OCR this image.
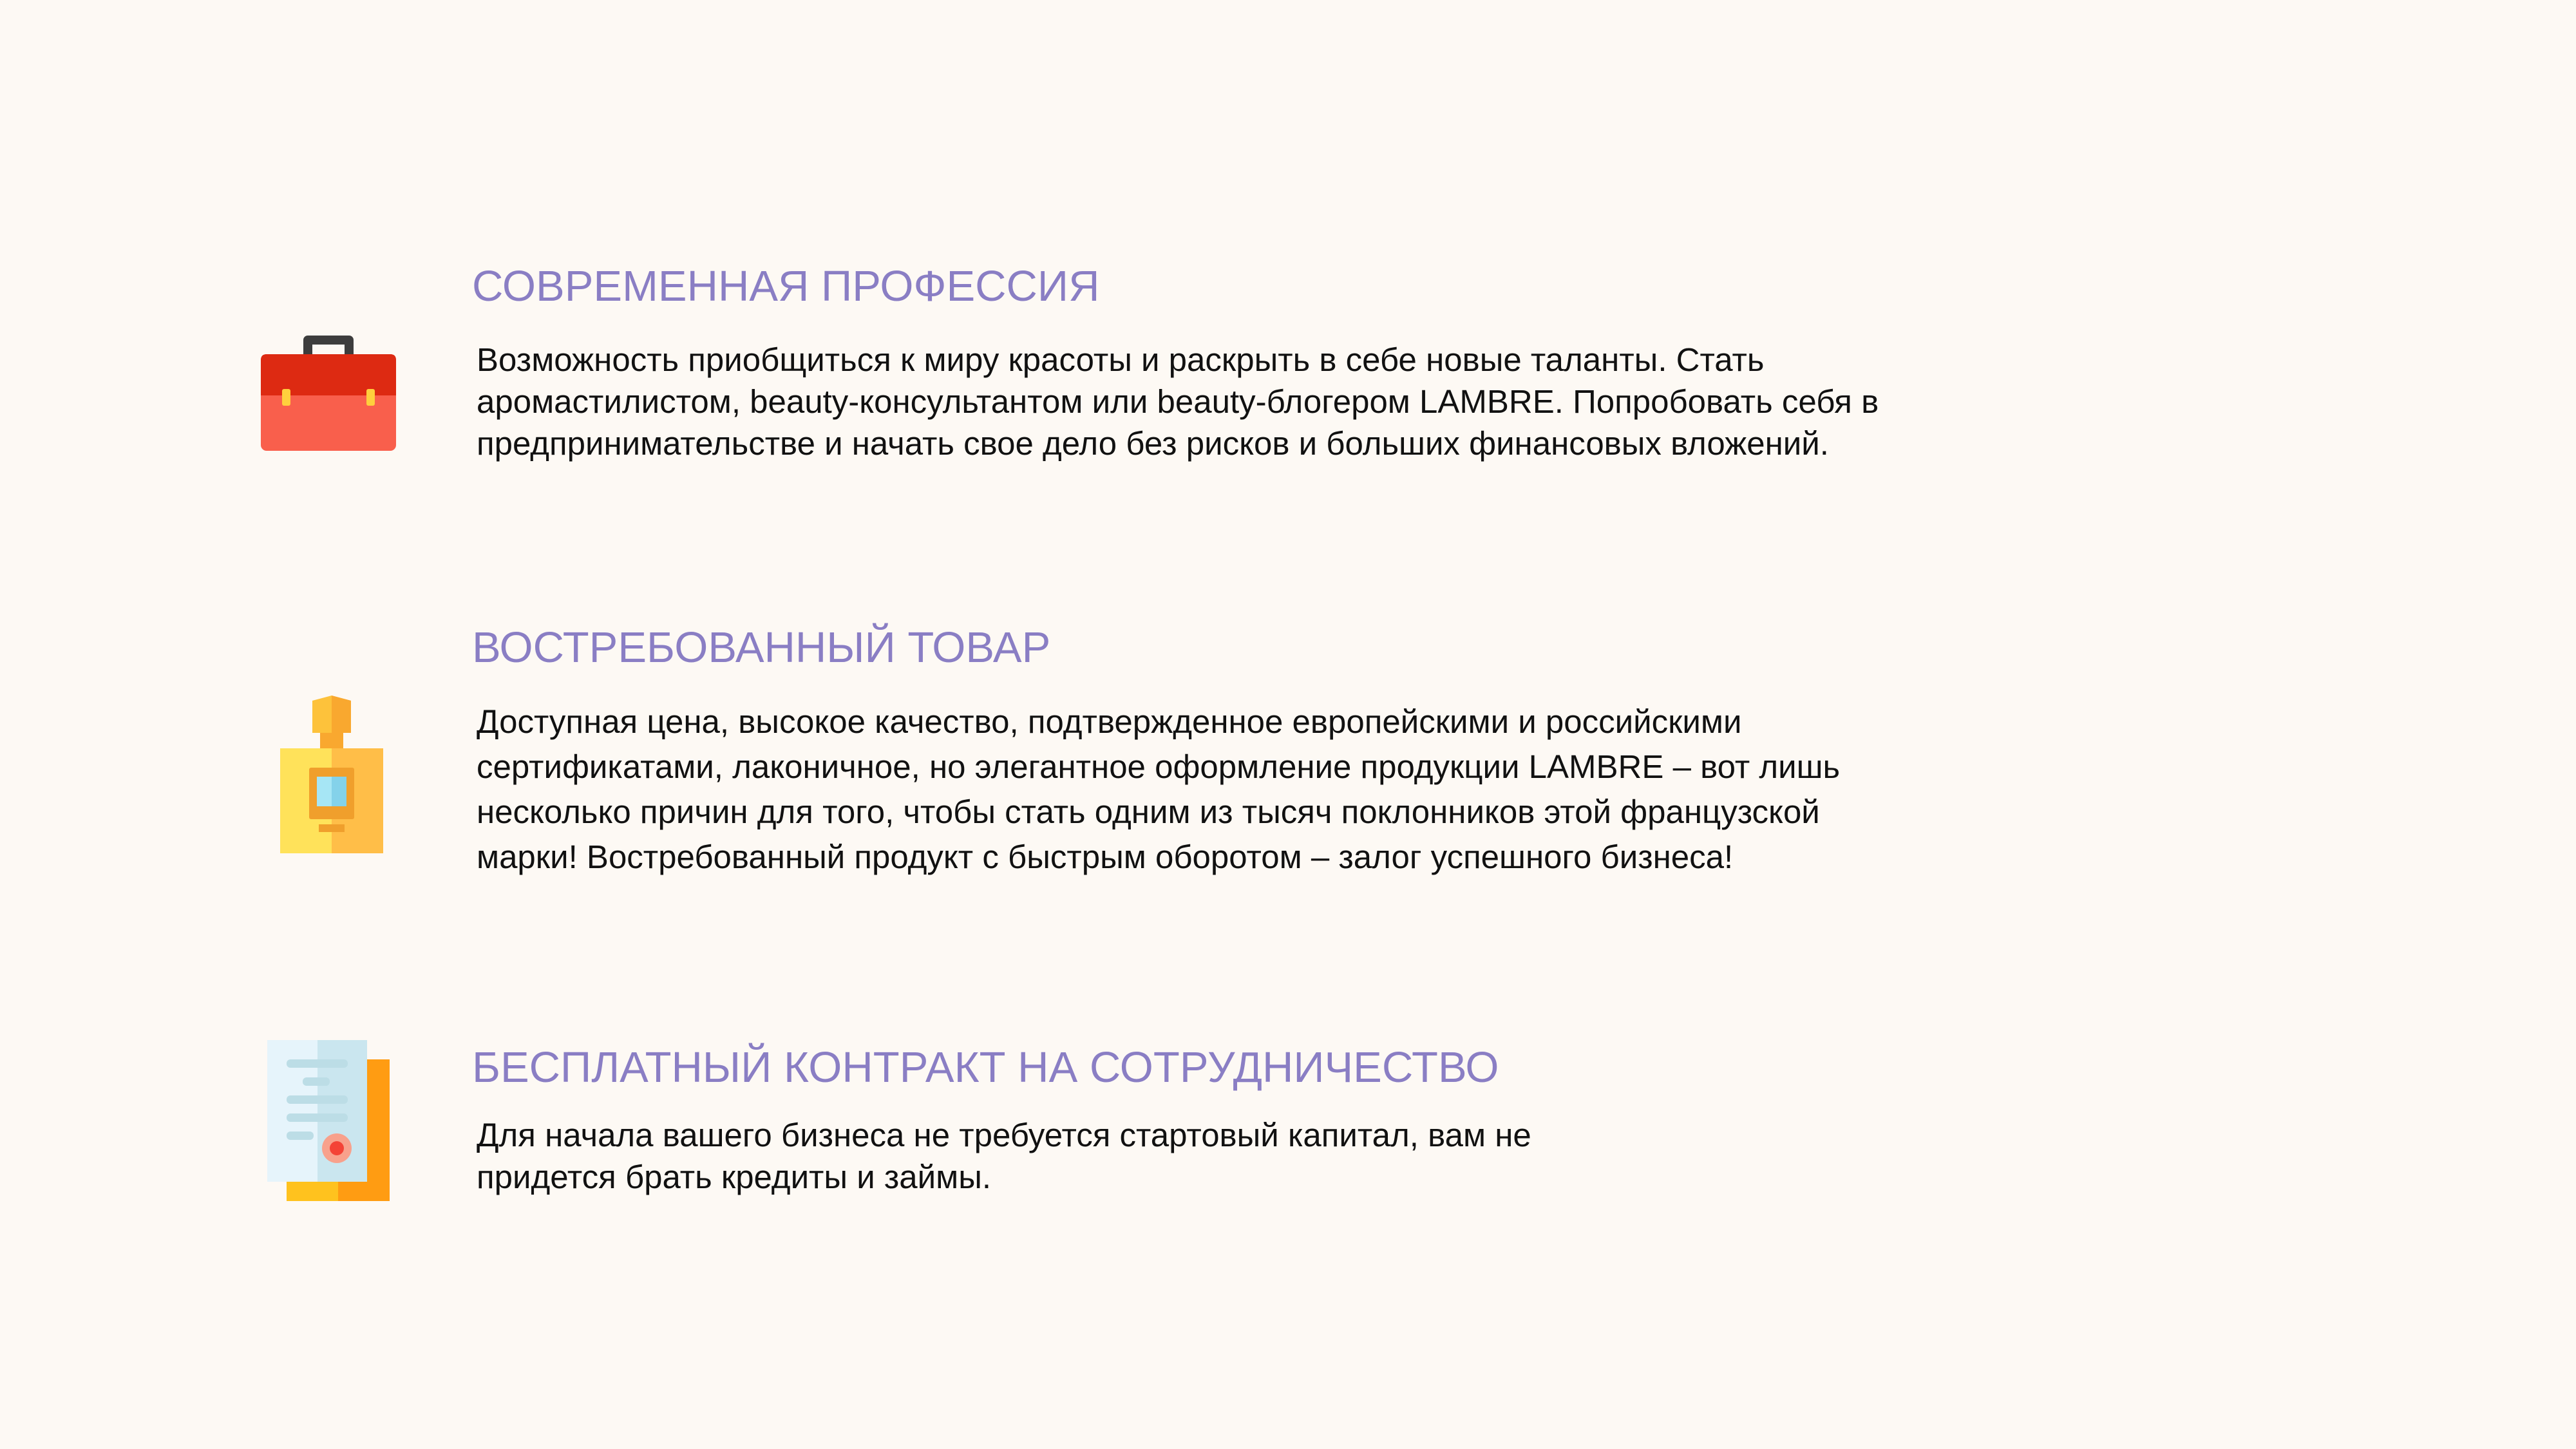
СОВРЕМЕННАЯ ПРОФЕССИЯ

Возможность приобщиться к миру красоты и раскрыть в себе новые таланты. Стать аромастилистом, beauty-консультантом или beauty-блогером LAMBRE. Попробовать себя в предпринимательстве и начать свое дело без рисков и больших финансовых вложений.

ВОСТРЕБОВАННЫЙ ТОВАР

Доступная цена, высокое качество, подтвержденное европейскими и российскими сертификатами, лаконичное, но элегантное оформление продукции LAMBRE – вот лишь несколько причин для того, чтобы стать одним из тысяч поклонников этой французской марки! Востребованный продукт с быстрым оборотом – залог успешного бизнеса!

БЕСПЛАТНЫЙ КОНТРАКТ НА СОТРУДНИЧЕСТВО

Для начала вашего бизнеса не требуется стартовый капитал, вам не придется брать кредиты и займы.
